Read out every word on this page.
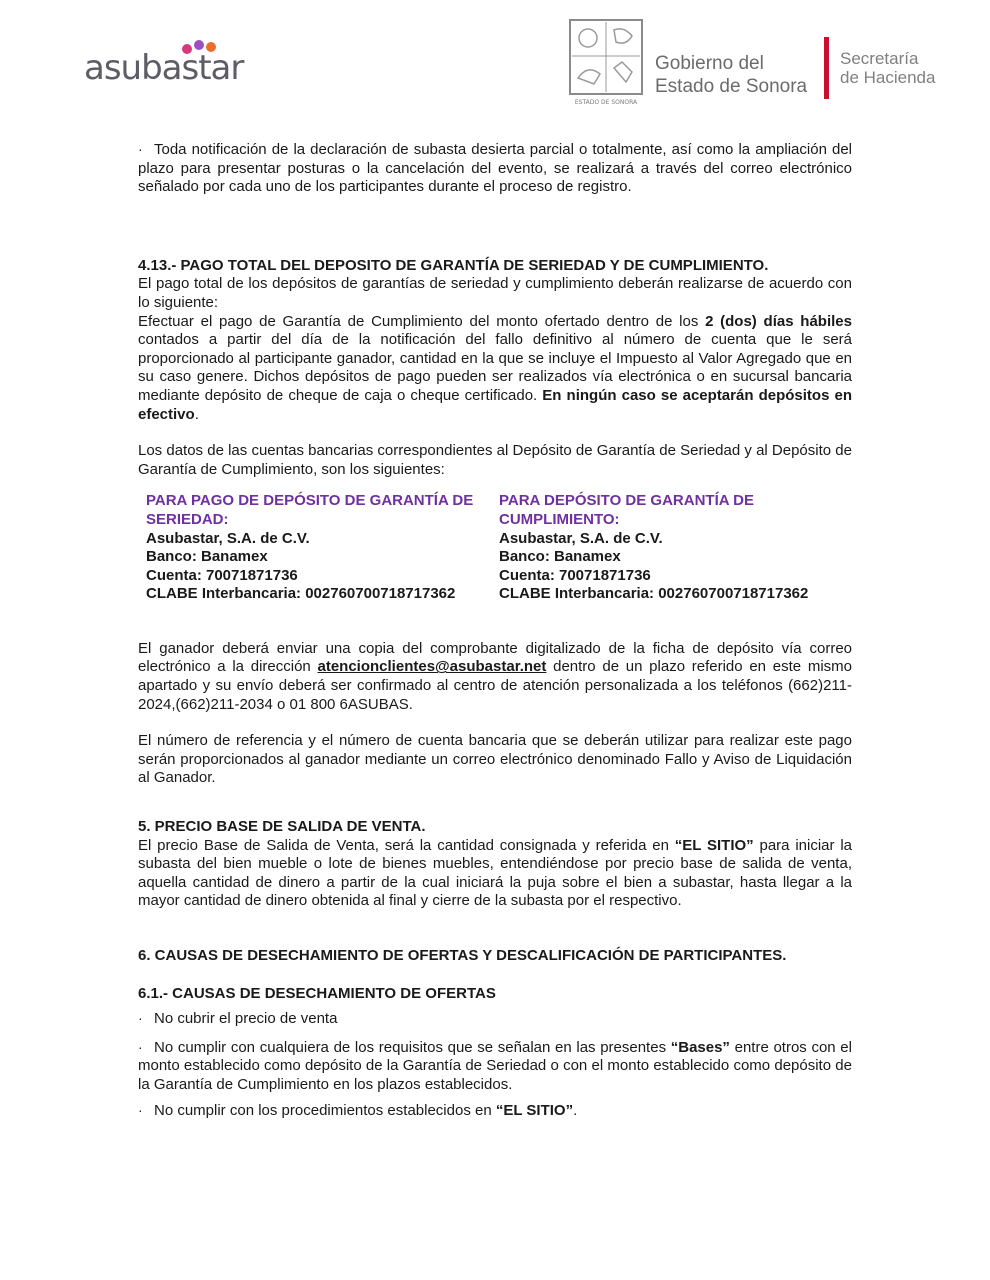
asubastar
ESTADO DE SONORA
Gobierno del
Estado de Sonora
Secretaría
de Hacienda

· Toda notificación de la declaración de subasta desierta parcial o totalmente, así como la ampliación del plazo para presentar posturas o la cancelación del evento, se realizará a través del correo electrónico señalado por cada uno de los participantes durante el proceso de registro.

4.13.- PAGO TOTAL DEL DEPOSITO DE GARANTÍA DE SERIEDAD Y DE CUMPLIMIENTO.

El pago total de los depósitos de garantías de seriedad y cumplimiento deberán realizarse de acuerdo con lo siguiente:

Efectuar el pago de Garantía de Cumplimiento del monto ofertado dentro de los 2 (dos) días hábiles contados a partir del día de la notificación del fallo definitivo al número de cuenta que le será proporcionado al participante ganador, cantidad en la que se incluye el Impuesto al Valor Agregado que en su caso genere. Dichos depósitos de pago pueden ser realizados vía electrónica o en sucursal bancaria mediante depósito de cheque de caja o cheque certificado. En ningún caso se aceptarán depósitos en efectivo.

Los datos de las cuentas bancarias correspondientes al Depósito de Garantía de Seriedad y al Depósito de Garantía de Cumplimiento, son los siguientes:

PARA PAGO DE DEPÓSITO DE GARANTÍA DE SERIEDAD:
Asubastar, S.A. de C.V.
Banco: Banamex
Cuenta: 70071871736
CLABE Interbancaria: 002760700718717362
PARA DEPÓSITO DE GARANTÍA DE CUMPLIMIENTO:
Asubastar, S.A. de C.V.
Banco: Banamex
Cuenta: 70071871736
CLABE Interbancaria: 002760700718717362

El ganador deberá enviar una copia del comprobante digitalizado de la ficha de depósito vía correo electrónico a la dirección atencionclientes@asubastar.net dentro de un plazo referido en este mismo apartado y su envío deberá ser confirmado al centro de atención personalizada a los teléfonos (662)211-2024,(662)211-2034 o 01 800 6ASUBAS.

El número de referencia y el número de cuenta bancaria que se deberán utilizar para realizar este pago serán proporcionados al ganador mediante un correo electrónico denominado Fallo y Aviso de Liquidación al Ganador.

5. PRECIO BASE DE SALIDA DE VENTA.

El precio Base de Salida de Venta, será la cantidad consignada y referida en “EL SITIO” para iniciar la subasta del bien mueble o lote de bienes muebles, entendiéndose por precio base de salida de venta, aquella cantidad de dinero a partir de la cual iniciará la puja sobre el bien a subastar, hasta llegar a la mayor cantidad de dinero obtenida al final y cierre de la subasta por el respectivo.

6. CAUSAS DE DESECHAMIENTO DE OFERTAS Y DESCALIFICACIÓN DE PARTICIPANTES.

6.1.- CAUSAS DE DESECHAMIENTO DE OFERTAS

· No cubrir el precio de venta

· No cumplir con cualquiera de los requisitos que se señalan en las presentes “Bases” entre otros con el monto establecido como depósito de la Garantía de Seriedad o con el monto establecido como depósito de la Garantía de Cumplimiento en los plazos establecidos.

· No cumplir con los procedimientos establecidos en “EL SITIO”.
